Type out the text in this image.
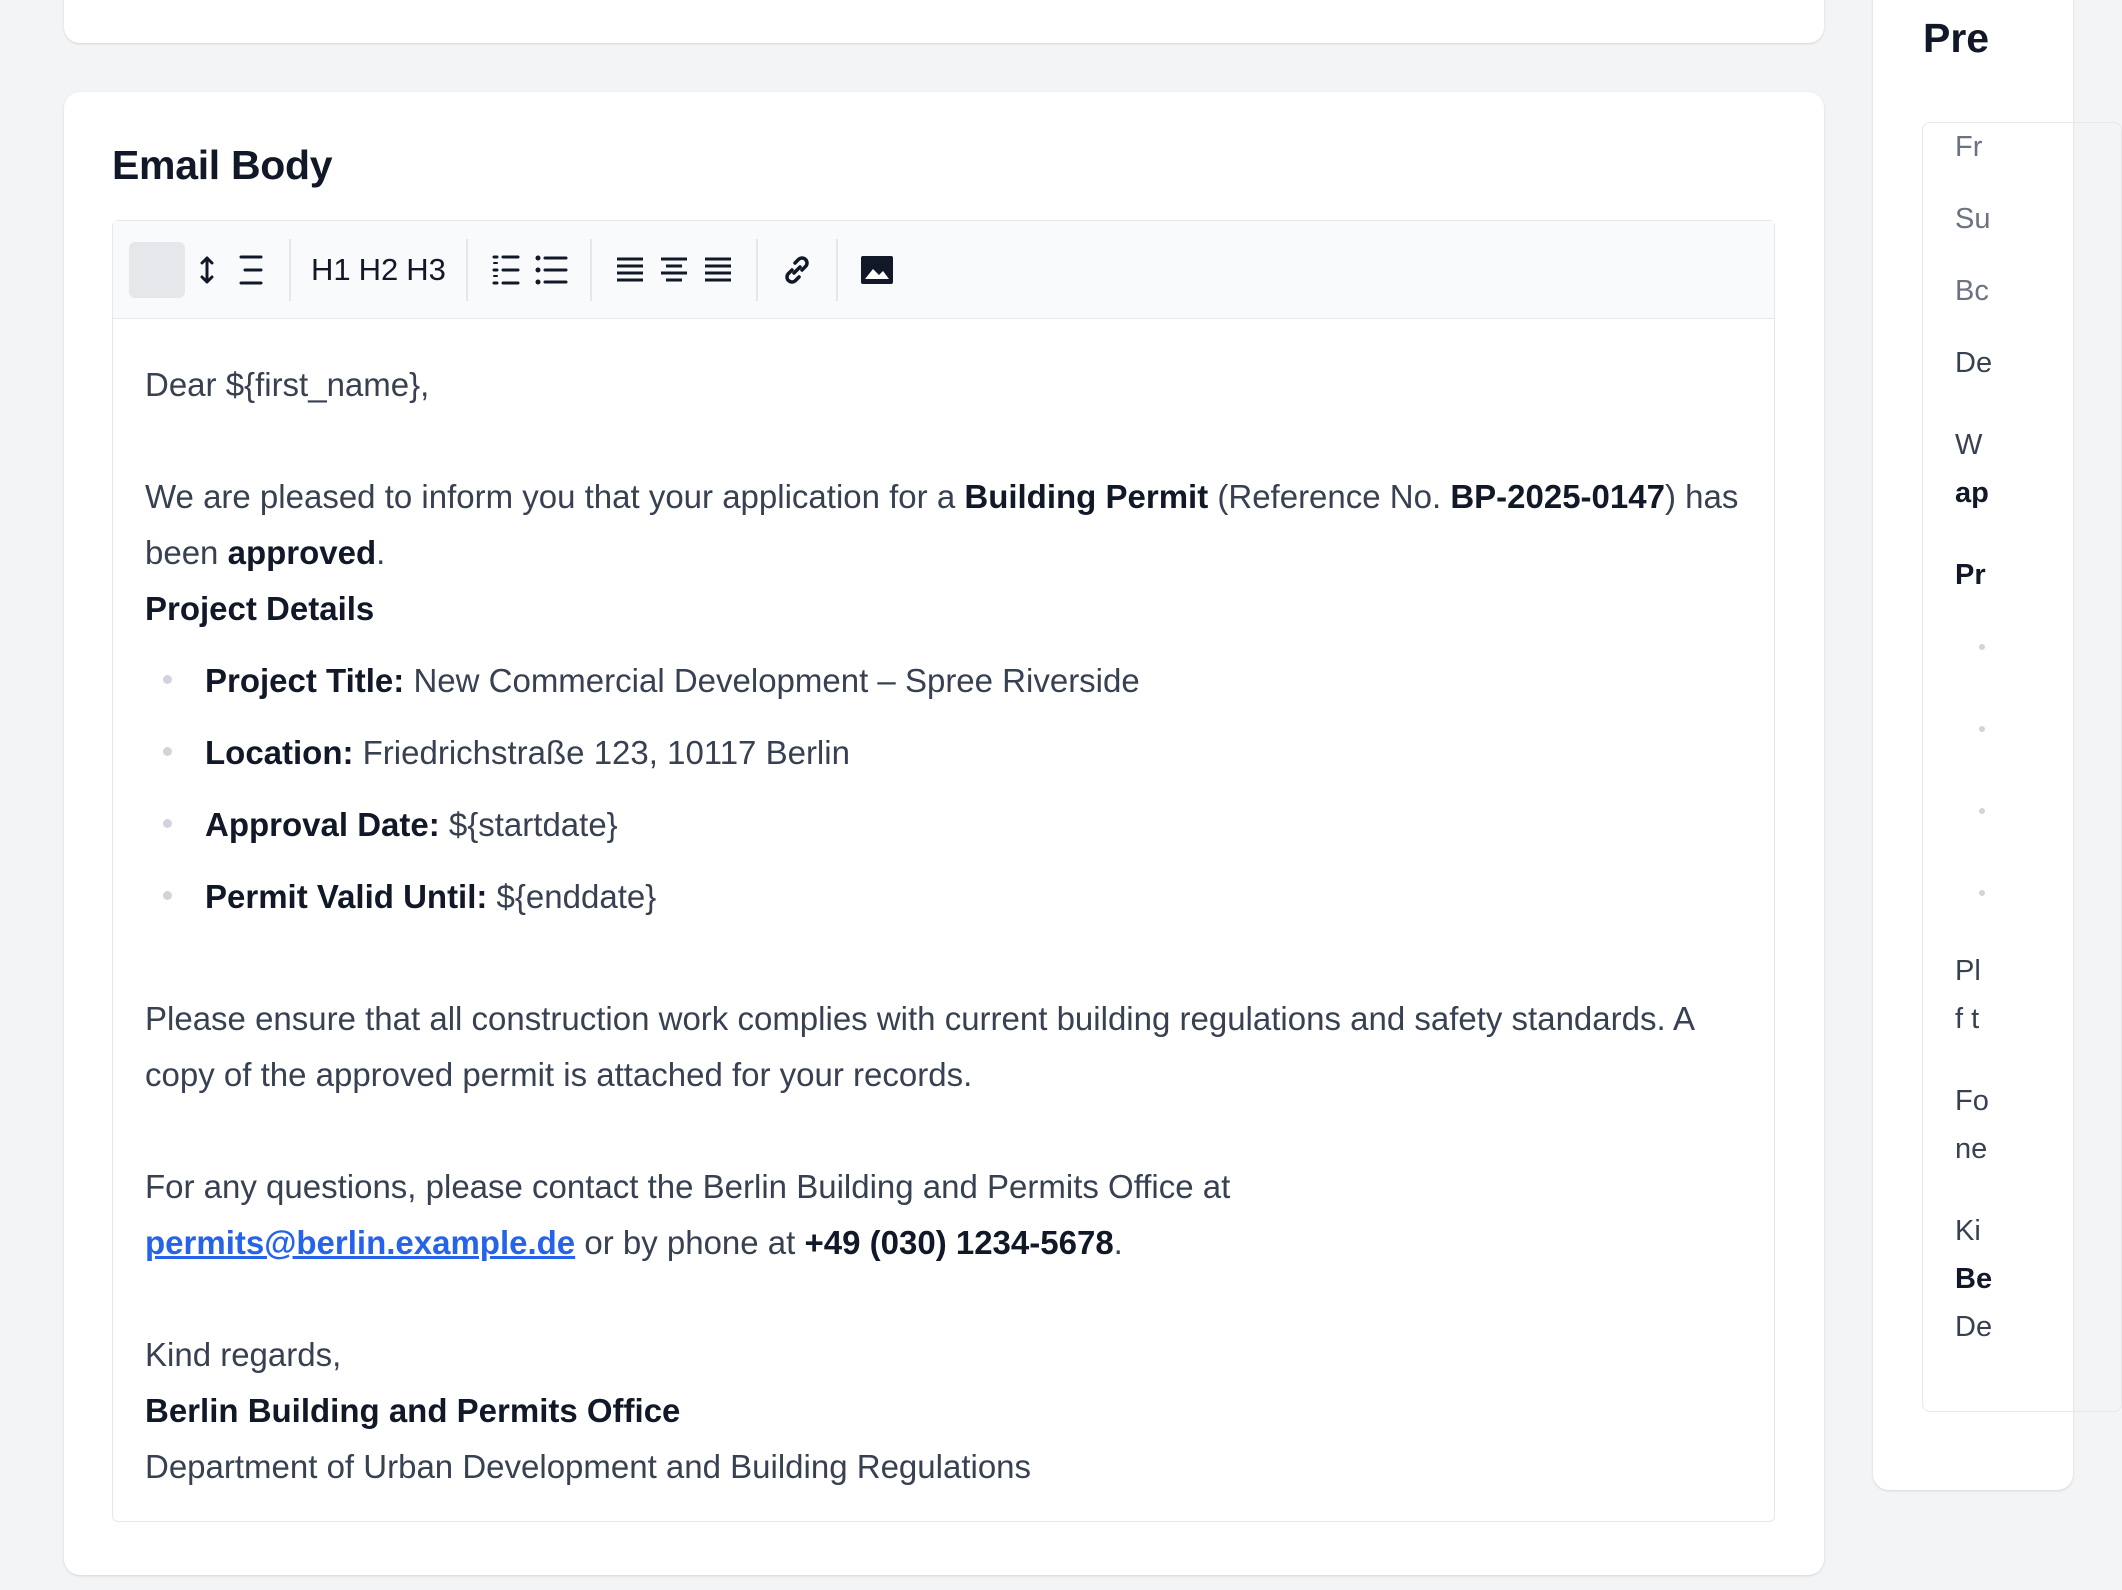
Email Body
H1 H2 H3
Dear ${first_name},
We are pleased to inform you that your application for a Building Permit (Reference No. BP-2025-0147) has been approved.
Project Details
Project Title: New Commercial Development – Spree Riverside
Location: Friedrichstraße 123, 10117 Berlin
Approval Date: ${startdate}
Permit Valid Until: ${enddate}
Please ensure that all construction work complies with current building regulations and safety standards. A copy of the approved permit is attached for your records.
For any questions, please contact the Berlin Building and Permits Office at
permits@berlin.example.de or by phone at +49 (030) 1234-5678.
Kind regards,
Berlin Building and Permits Office
Department of Urban Development and Building Regulations
Pre
Fr
Su
Bc
De
W
ap
Pr
Pl
f t
Fo
ne
Ki
Be
De
